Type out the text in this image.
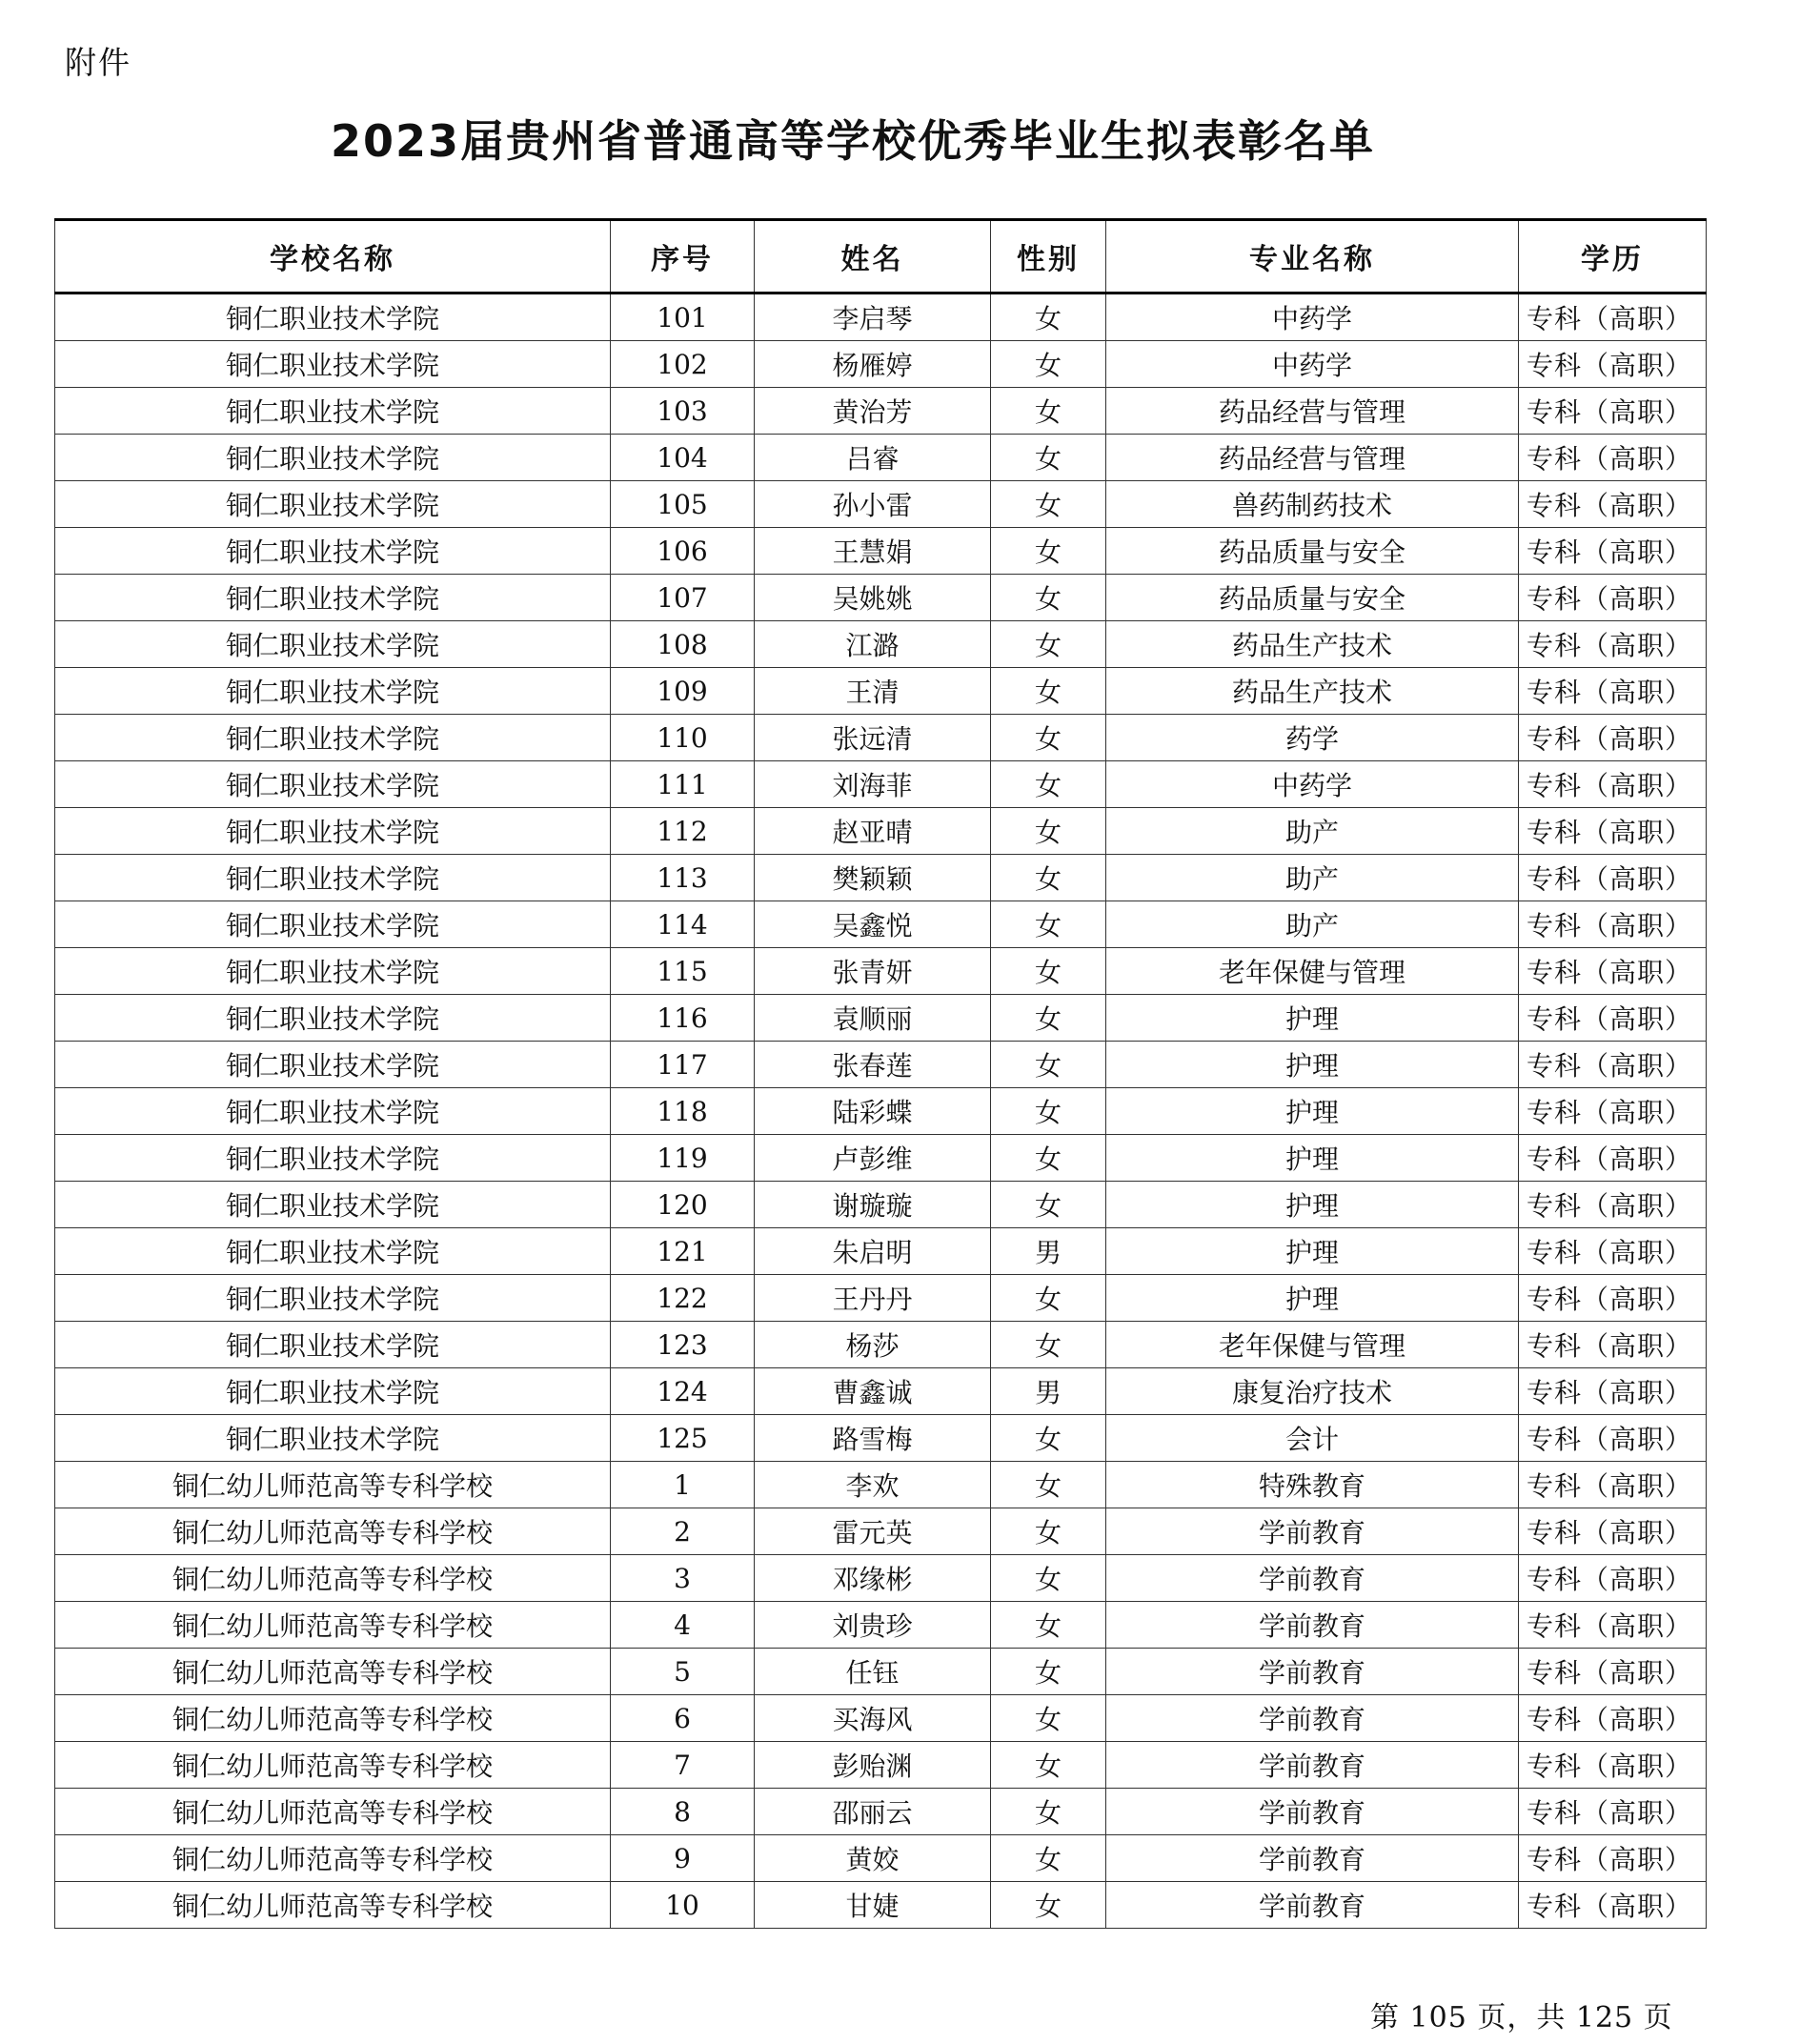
附件
2023届贵州省普通高等学校优秀毕业生拟表彰名单
学校名称	序号	姓名	性别	专业名称	学历
铜仁职业技术学院	101	李启琴	女	中药学	专科（高职）
铜仁职业技术学院	102	杨雁婷	女	中药学	专科（高职）
铜仁职业技术学院	103	黄治芳	女	药品经营与管理	专科（高职）
铜仁职业技术学院	104	吕睿	女	药品经营与管理	专科（高职）
铜仁职业技术学院	105	孙小雷	女	兽药制药技术	专科（高职）
铜仁职业技术学院	106	王慧娟	女	药品质量与安全	专科（高职）
铜仁职业技术学院	107	吴姚姚	女	药品质量与安全	专科（高职）
铜仁职业技术学院	108	江潞	女	药品生产技术	专科（高职）
铜仁职业技术学院	109	王清	女	药品生产技术	专科（高职）
铜仁职业技术学院	110	张远清	女	药学	专科（高职）
铜仁职业技术学院	111	刘海菲	女	中药学	专科（高职）
铜仁职业技术学院	112	赵亚晴	女	助产	专科（高职）
铜仁职业技术学院	113	樊颖颖	女	助产	专科（高职）
铜仁职业技术学院	114	吴鑫悦	女	助产	专科（高职）
铜仁职业技术学院	115	张青妍	女	老年保健与管理	专科（高职）
铜仁职业技术学院	116	袁顺丽	女	护理	专科（高职）
铜仁职业技术学院	117	张春莲	女	护理	专科（高职）
铜仁职业技术学院	118	陆彩蝶	女	护理	专科（高职）
铜仁职业技术学院	119	卢彭维	女	护理	专科（高职）
铜仁职业技术学院	120	谢璇璇	女	护理	专科（高职）
铜仁职业技术学院	121	朱启明	男	护理	专科（高职）
铜仁职业技术学院	122	王丹丹	女	护理	专科（高职）
铜仁职业技术学院	123	杨莎	女	老年保健与管理	专科（高职）
铜仁职业技术学院	124	曹鑫诚	男	康复治疗技术	专科（高职）
铜仁职业技术学院	125	路雪梅	女	会计	专科（高职）
铜仁幼儿师范高等专科学校	1	李欢	女	特殊教育	专科（高职）
铜仁幼儿师范高等专科学校	2	雷元英	女	学前教育	专科（高职）
铜仁幼儿师范高等专科学校	3	邓缘彬	女	学前教育	专科（高职）
铜仁幼儿师范高等专科学校	4	刘贵珍	女	学前教育	专科（高职）
铜仁幼儿师范高等专科学校	5	任钰	女	学前教育	专科（高职）
铜仁幼儿师范高等专科学校	6	买海风	女	学前教育	专科（高职）
铜仁幼儿师范高等专科学校	7	彭贻渊	女	学前教育	专科（高职）
铜仁幼儿师范高等专科学校	8	邵丽云	女	学前教育	专科（高职）
铜仁幼儿师范高等专科学校	9	黄姣	女	学前教育	专科（高职）
铜仁幼儿师范高等专科学校	10	甘婕	女	学前教育	专科（高职）
第 105 页，共 125 页
